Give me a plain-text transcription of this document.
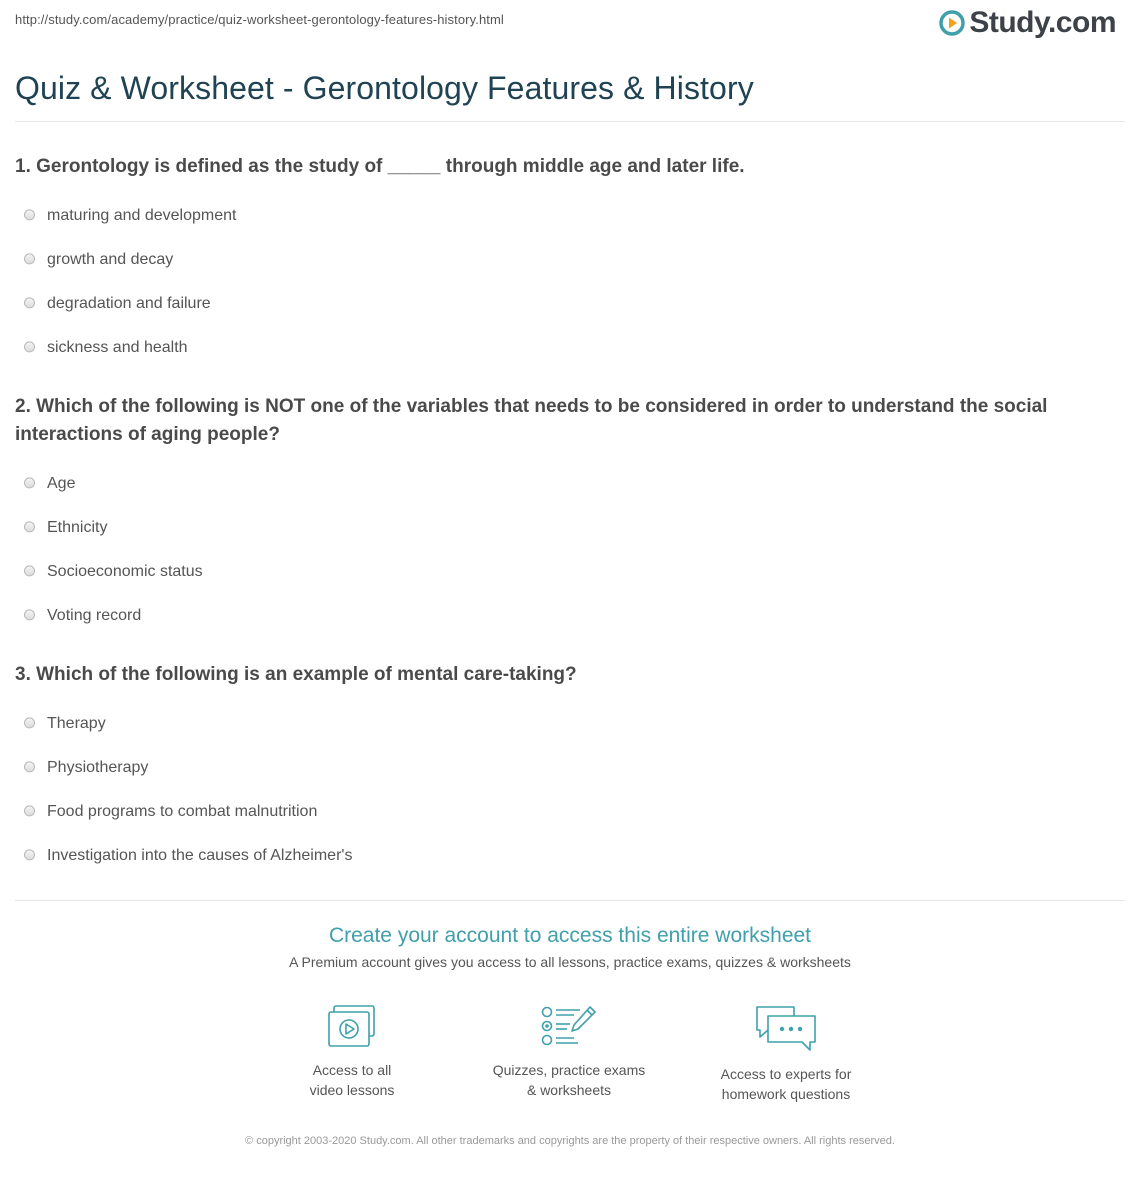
http://study.com/academy/practice/quiz-worksheet-gerontology-features-history.html	Study.com
Quiz & Worksheet - Gerontology Features & History

1. Gerontology is defined as the study of _____ through middle age and later life.

maturing and development
growth and decay
degradation and failure
sickness and health

2. Which of the following is NOT one of the variables that needs to be considered in order to understand the social interactions of aging people?

Age
Ethnicity
Socioeconomic status
Voting record

3. Which of the following is an example of mental care-taking?

Therapy
Physiotherapy
Food programs to combat malnutrition
Investigation into the causes of Alzheimer's
Create your account to access this entire worksheet
A Premium account gives you access to all lessons, practice exams, quizzes & worksheets
Access to all
video lessons
Quizzes, practice exams
& worksheets
Access to experts for
homework questions
© copyright 2003-2020 Study.com. All other trademarks and copyrights are the property of their respective owners. All rights reserved.
